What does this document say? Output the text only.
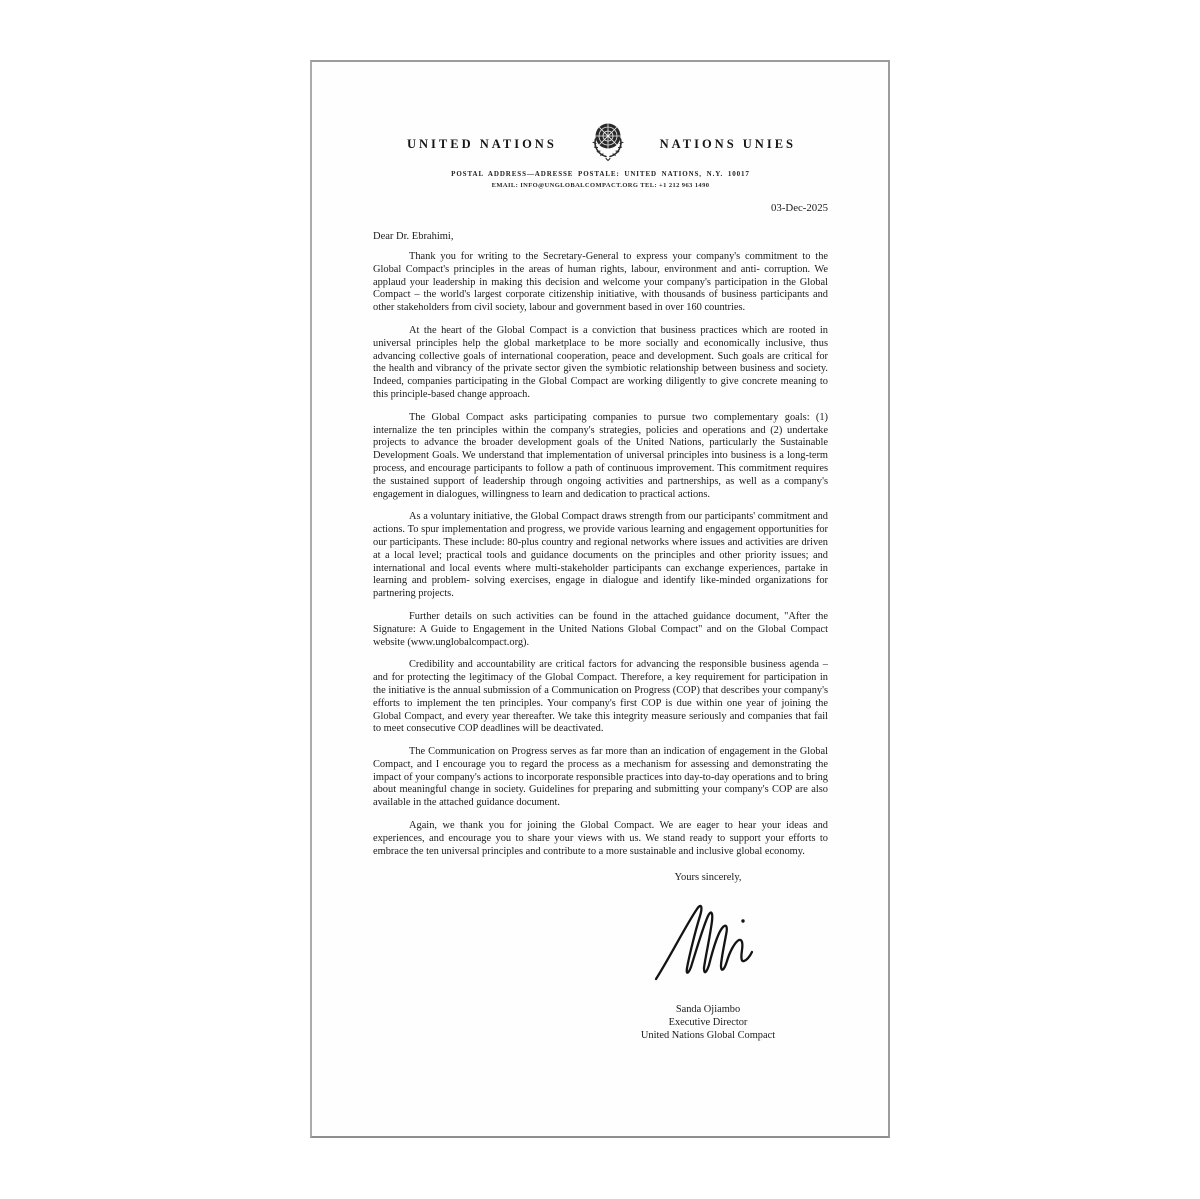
UNITED NATIONS	NATIONS UNIES
POSTAL ADDRESS—ADRESSE POSTALE: UNITED NATIONS, N.Y. 10017
EMAIL: INFO@UNGLOBALCOMPACT.ORG TEL: +1 212 963 1490
03-Dec-2025
Dear Dr. Ebrahimi,

Thank you for writing to the Secretary-General to express your company's commitment to the Global Compact's principles in the areas of human rights, labour, environment and anti- corruption. We applaud your leadership in making this decision and welcome your company's participation in the Global Compact – the world's largest corporate citizenship initiative, with thousands of business participants and other stakeholders from civil society, labour and government based in over 160 countries.

At the heart of the Global Compact is a conviction that business practices which are rooted in universal principles help the global marketplace to be more socially and economically inclusive, thus advancing collective goals of international cooperation, peace and development. Such goals are critical for the health and vibrancy of the private sector given the symbiotic relationship between business and society. Indeed, companies participating in the Global Compact are working diligently to give concrete meaning to this principle-based change approach.

The Global Compact asks participating companies to pursue two complementary goals: (1) internalize the ten principles within the company's strategies, policies and operations and (2) undertake projects to advance the broader development goals of the United Nations, particularly the Sustainable Development Goals. We understand that implementation of universal principles into business is a long-term process, and encourage participants to follow a path of continuous improvement. This commitment requires the sustained support of leadership through ongoing activities and partnerships, as well as a company's engagement in dialogues, willingness to learn and dedication to practical actions.

As a voluntary initiative, the Global Compact draws strength from our participants' commitment and actions. To spur implementation and progress, we provide various learning and engagement opportunities for our participants. These include: 80-plus country and regional networks where issues and activities are driven at a local level; practical tools and guidance documents on the principles and other priority issues; and international and local events where multi-stakeholder participants can exchange experiences, partake in learning and problem- solving exercises, engage in dialogue and identify like-minded organizations for partnering projects.

Further details on such activities can be found in the attached guidance document, "After the Signature: A Guide to Engagement in the United Nations Global Compact" and on the Global Compact website (www.unglobalcompact.org).

Credibility and accountability are critical factors for advancing the responsible business agenda – and for protecting the legitimacy of the Global Compact. Therefore, a key requirement for participation in the initiative is the annual submission of a Communication on Progress (COP) that describes your company's efforts to implement the ten principles. Your company's first COP is due within one year of joining the Global Compact, and every year thereafter. We take this integrity measure seriously and companies that fail to meet consecutive COP deadlines will be deactivated.

The Communication on Progress serves as far more than an indication of engagement in the Global Compact, and I encourage you to regard the process as a mechanism for assessing and demonstrating the impact of your company's actions to incorporate responsible practices into day-to-day operations and to bring about meaningful change in society. Guidelines for preparing and submitting your company's COP are also available in the attached guidance document.

Again, we thank you for joining the Global Compact. We are eager to hear your ideas and experiences, and encourage you to share your views with us. We stand ready to support your efforts to embrace the ten universal principles and contribute to a more sustainable and inclusive global economy.

Yours sincerely,
Sanda Ojiambo
Executive Director
United Nations Global Compact
